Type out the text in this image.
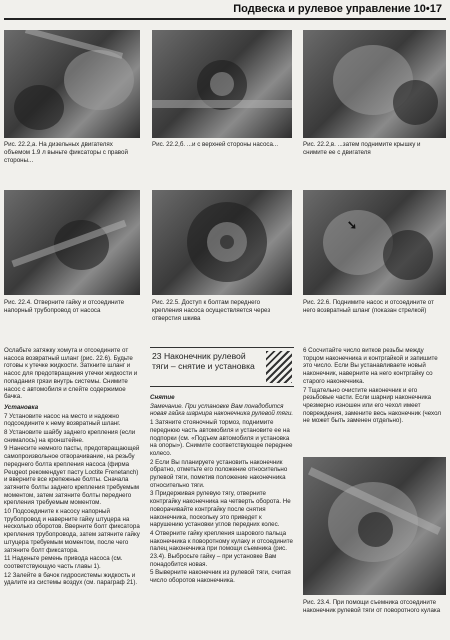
Подвеска и рулевое управление 10•17
Рис. 22.2,а. На дизельных двигателях объемом 1.9 л выньте фиксаторы с правой стороны...
Рис. 22.2,б. ...и с верхней стороны насоса...	Рис. 22.2,в. ...затем поднимите крышку и снимите ее с двигателя
Рис. 22.4. Отверните гайку и отсоедините напорный трубопровод от насоса
Рис. 22.5. Доступ к болтам переднего крепления насоса осуществляется через отверстия шкива
➘
Рис. 22.6. Поднимите насос и отсоедините от него возвратный шланг (показан стрелкой)

Ослабьте затяжку хомута и отсоедините от насоса возвратный шланг (рис. 22.6). Будьте готовы к утечке жидкости. Заткните шланг и насос для предотвращения утечки жидкости и попадания грязи внутрь системы. Снимите насос с автомобиля и слейте содержимое бачка.

Установка

7 Установите насос на место и надежно подсоедините к нему возвратный шланг.

8 Установите шайбу заднего крепления (если снималось) на кронштейне.

9 Нанесите немного пасты, предотвращающей самопроизвольное отворачивание, на резьбу переднего болта крепления насоса (фирма Peugeot рекомендует пасту Loctite Frenetanch) и вверните все крепежные болты. Сначала затяните болты заднего крепления требуемым моментом, затем затяните болты переднего крепления требуемым моментом.

10 Подсоедините к насосу напорный трубопровод и наверните гайку штуцера на несколько оборотов. Вверните болт фиксатора крепления трубопровода, затем затяните гайку штуцера требуемым моментом, после чего затяните болт фиксатора.

11 Наденьте ремень привода насоса (см. соответствующую часть главы 1).

12 Залейте в бачок гидросистемы жидкость и удалите из системы воздух (см. параграф 21).

23 Наконечник рулевой тяги – снятие и установка

Снятие

Замечание. При установке Вам понадобится новая гайка шарнира наконечника рулевой тяги.

1 Затяните стояночный тормоз, поднимите переднюю часть автомобиля и установите ее на подпорки (см. «Подъем автомобиля и установка на опоры»). Снимите соответствующее переднее колесо.

2 Если Вы планируете установить наконечник обратно, отметьте его положение относительно рулевой тяги, пометив положение наконечника относительно тяги.

3 Придерживая рулевую тягу, отверните контргайку наконечника на четверть оборота. Не поворачивайте контргайку после снятия наконечника, поскольку это приведет к нарушению установки углов передних колес.

4 Отверните гайку крепления шарового пальца наконечника к поворотному кулаку и отсоедините палец наконечника при помощи съемника (рис. 23.4). Выбросьте гайку – при установке Вам понадобится новая.

5 Выверните наконечник из рулевой тяги, считая число оборотов наконечника.

6 Сосчитайте число витков резьбы между торцом наконечника и контргайкой и запишите это число. Если Вы устанавливаете новый наконечник, наверните на него контргайку со старого наконечника.

7 Тщательно очистите наконечник и его резьбовые части. Если шарнир наконечника чрезмерно изношен или его чехол имеет повреждения, замените весь наконечник (чехол не может быть заменен отдельно).

Рис. 23.4. При помощи съемника отсоедините наконечник рулевой тяги от поворотного кулака
